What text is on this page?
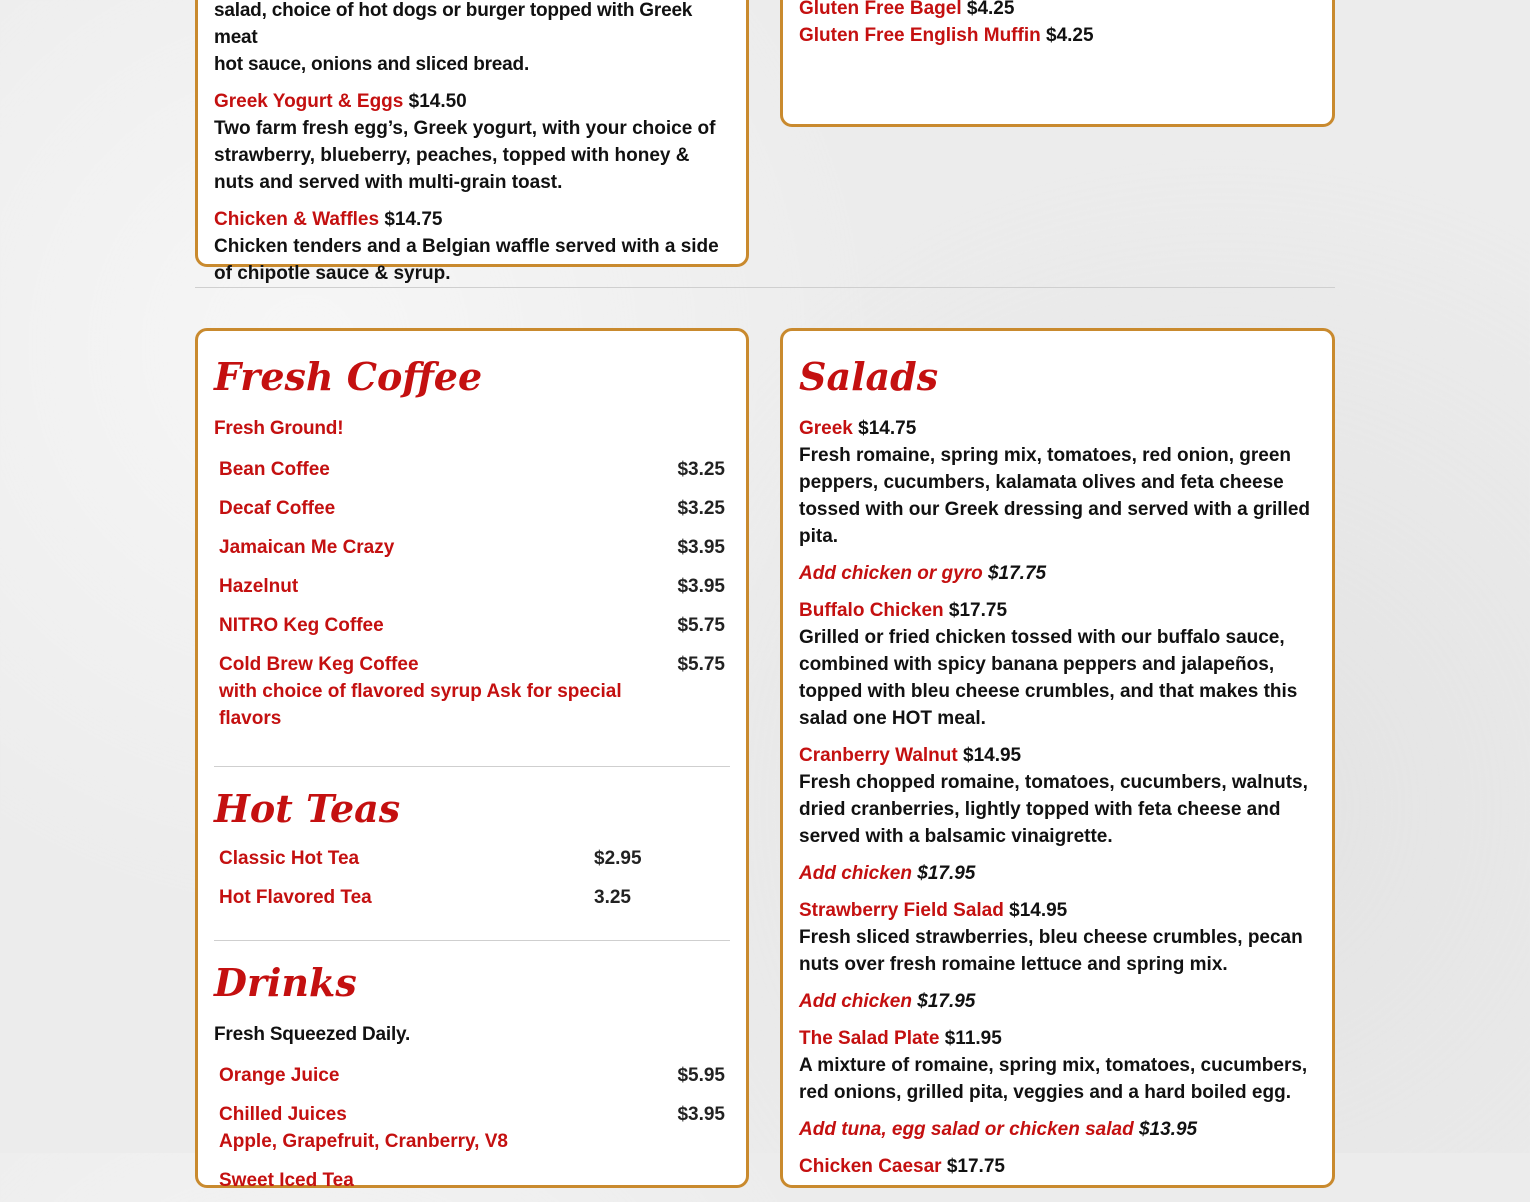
salad, choice of hot dogs or burger topped with Greek meat
hot sauce, onions and sliced bread.
Greek Yogurt & Eggs $14.50
Two farm fresh egg’s, Greek yogurt, with your choice of strawberry, blueberry, peaches, topped with honey & nuts and served with multi-grain toast.
Chicken & Waffles $14.75
Chicken tenders and a Belgian waffle served with a side of chipotle sauce & syrup.
Gluten Free Bagel $4.25
Gluten Free English Muffin $4.25
Fresh Coffee
Fresh Ground!
Bean Coffee	$3.25
Decaf Coffee	$3.25
Jamaican Me Crazy	$3.95
Hazelnut	$3.95
NITRO Keg Coffee	$5.75

Cold Brew Keg Coffee
with choice of flavored syrup Ask for special flavors	$5.75
Hot Teas
Classic Hot Tea	$2.95
Hot Flavored Tea	3.25
Drinks
Fresh Squeezed Daily.
Orange Juice	$5.95

Chilled Juices
Apple, Grapefruit, Cranberry, V8	$3.95
Sweet Iced Tea	
Salads
Greek $14.75
Fresh romaine, spring mix, tomatoes, red onion, green peppers, cucumbers, kalamata olives and feta cheese tossed with our Greek dressing and served with a grilled pita.
Add chicken or gyro $17.75
Buffalo Chicken $17.75
Grilled or fried chicken tossed with our buffalo sauce, combined with spicy banana peppers and jalapeños, topped with bleu cheese crumbles, and that makes this salad one HOT meal.
Cranberry Walnut $14.95
Fresh chopped romaine, tomatoes, cucumbers, walnuts, dried cranberries, lightly topped with feta cheese and served with a balsamic vinaigrette.
Add chicken $17.95
Strawberry Field Salad $14.95
Fresh sliced strawberries, bleu cheese crumbles, pecan nuts over fresh romaine lettuce and spring mix.
Add chicken $17.95
The Salad Plate $11.95
A mixture of romaine, spring mix, tomatoes, cucumbers, red onions, grilled pita, veggies and a hard boiled egg.
Add tuna, egg salad or chicken salad $13.95
Chicken Caesar $17.75
